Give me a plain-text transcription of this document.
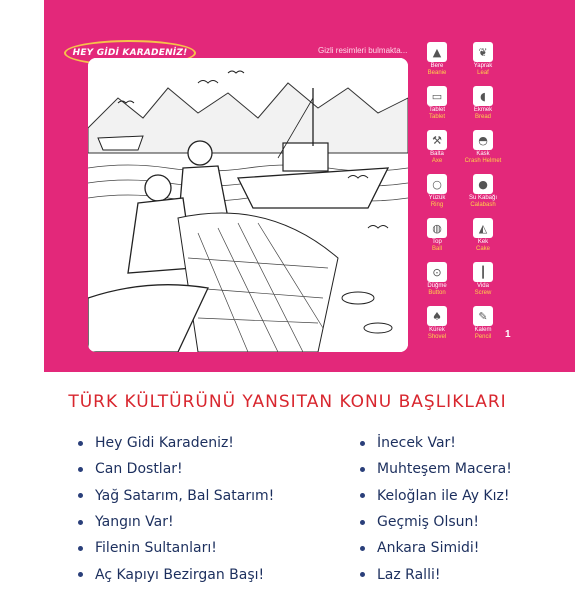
HEY GİDİ KARADENİZ!	Gizli resimleri bulmakta...	▲
Bere
Beanie
❦
Yaprak
Leaf
▭
Tablet
Tablet
◖
Ekmek
Bread
⚒
Balta
Axe
◓
Kask
Crash Helmet
○
Yüzük
Ring
●
Su Kabağı
Calabash
◍
Top
Ball
◭
Kek
Cake
⊙
Düğme
Button
┃
Vida
Screw
♠
Kürek
Shovel
✎
Kalem
Pencil	1
TÜRK KÜLTÜRÜNÜ YANSITAN KONU BAŞLIKLARI
Hey Gidi Karadeniz!
Can Dostlar!
Yağ Satarım, Bal Satarım!
Yangın Var!
Filenin Sultanları!
Aç Kapıyı Bezirgan Başı!
İnecek Var!
Muhteşem Macera!
Keloğlan ile Ay Kız!
Geçmiş Olsun!
Ankara Simidi!
Laz Ralli!
